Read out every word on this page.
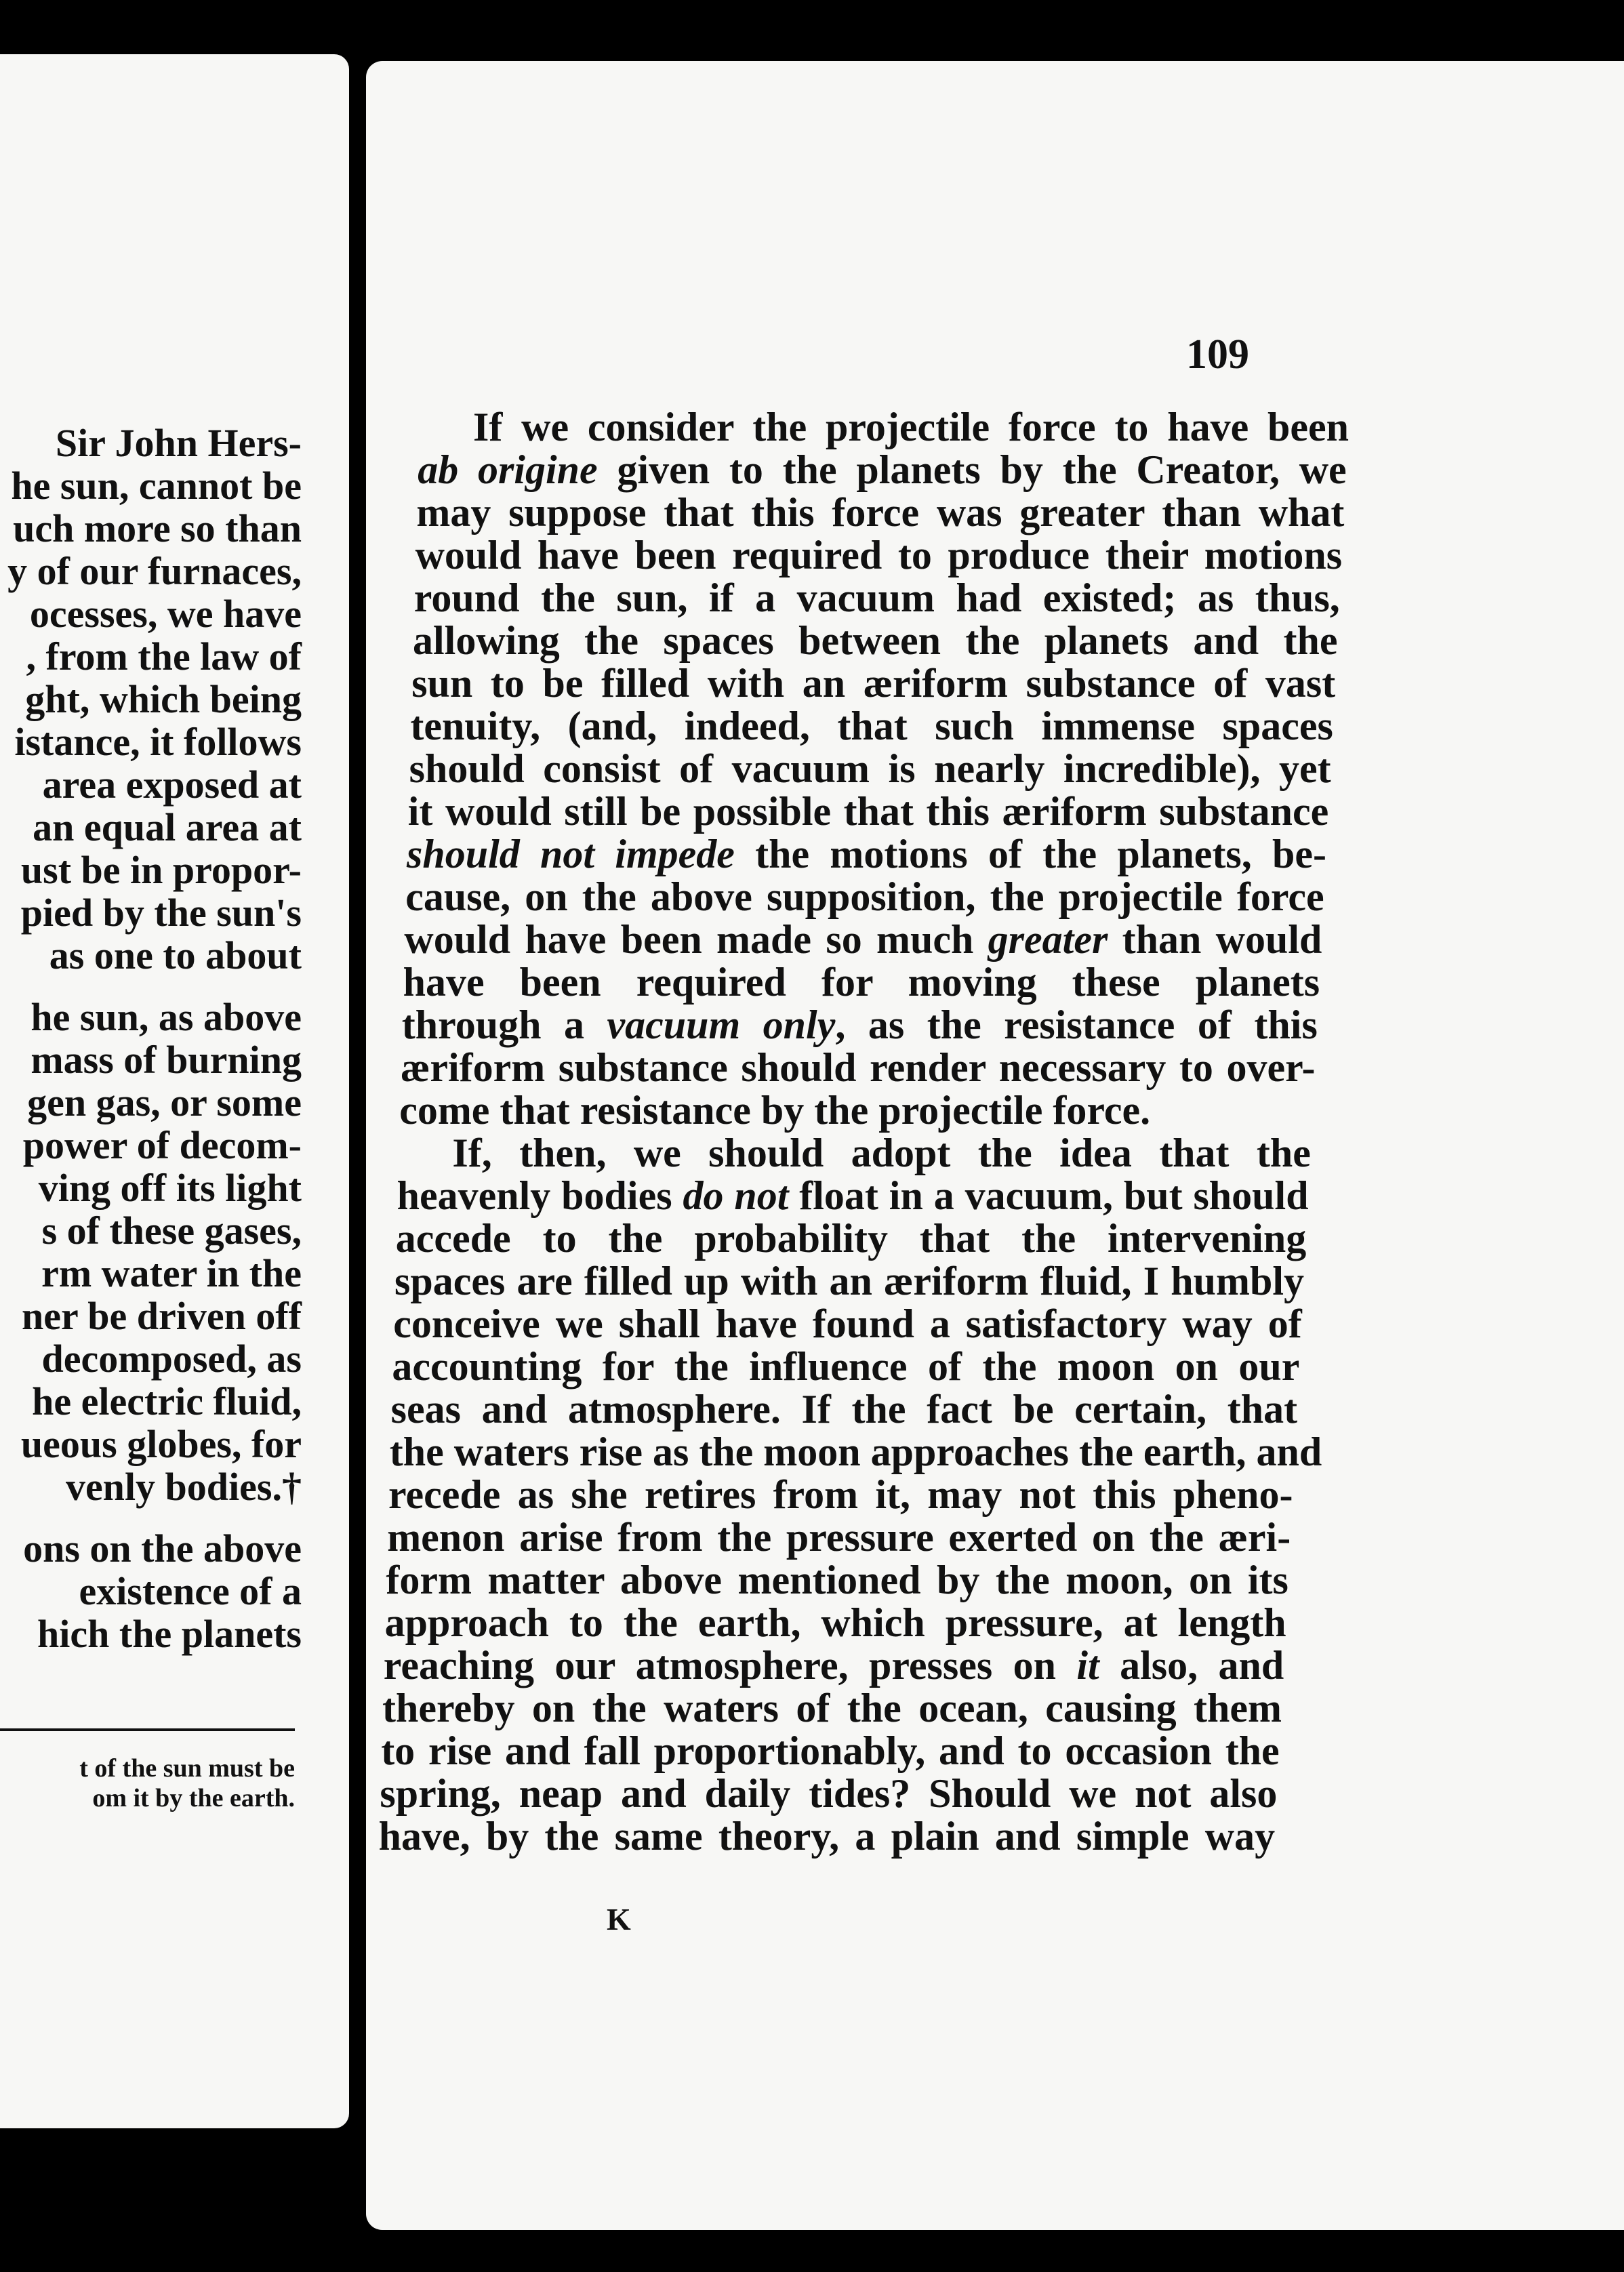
Sir John Hers-
he sun, cannot be
uch more so than
y of our furnaces,
ocesses, we have
, from the law of
ght, which being
istance, it follows
area exposed at
an equal area at
ust be in propor-
pied by the sun's
as one to about
he sun, as above
mass of burning
gen gas, or some
power of decom-
ving off its light
s of these gases,
rm water in the
ner be driven off
decomposed, as
he electric fluid,
ueous globes, for
venly bodies.†
ons on the above
existence of a
hich the planets
t of the sun must be
om it by the earth.
109
If we consider the projectile force to have been
ab origine given to the planets by the Creator, we
may suppose that this force was greater than what
would have been required to produce their motions
round the sun, if a vacuum had existed; as thus,
allowing the spaces between the planets and the
sun to be filled with an æriform substance of vast
tenuity, (and, indeed, that such immense spaces
should consist of vacuum is nearly incredible), yet
it would still be possible that this æriform substance
should not impede the motions of the planets, be-
cause, on the above supposition, the projectile force
would have been made so much greater than would
have been required for moving these planets
through a vacuum only, as the resistance of this
æriform substance should render necessary to over-
come that resistance by the projectile force.
If, then, we should adopt the idea that the
heavenly bodies do not float in a vacuum, but should
accede to the probability that the intervening
spaces are filled up with an æriform fluid, I humbly
conceive we shall have found a satisfactory way of
accounting for the influence of the moon on our
seas and atmosphere. If the fact be certain, that
the waters rise as the moon approaches the earth, and
recede as she retires from it, may not this pheno-
menon arise from the pressure exerted on the æri-
form matter above mentioned by the moon, on its
approach to the earth, which pressure, at length
reaching our atmosphere, presses on it also, and
thereby on the waters of the ocean, causing them
to rise and fall proportionably, and to occasion the
spring, neap and daily tides? Should we not also
have, by the same theory, a plain and simple way
K
